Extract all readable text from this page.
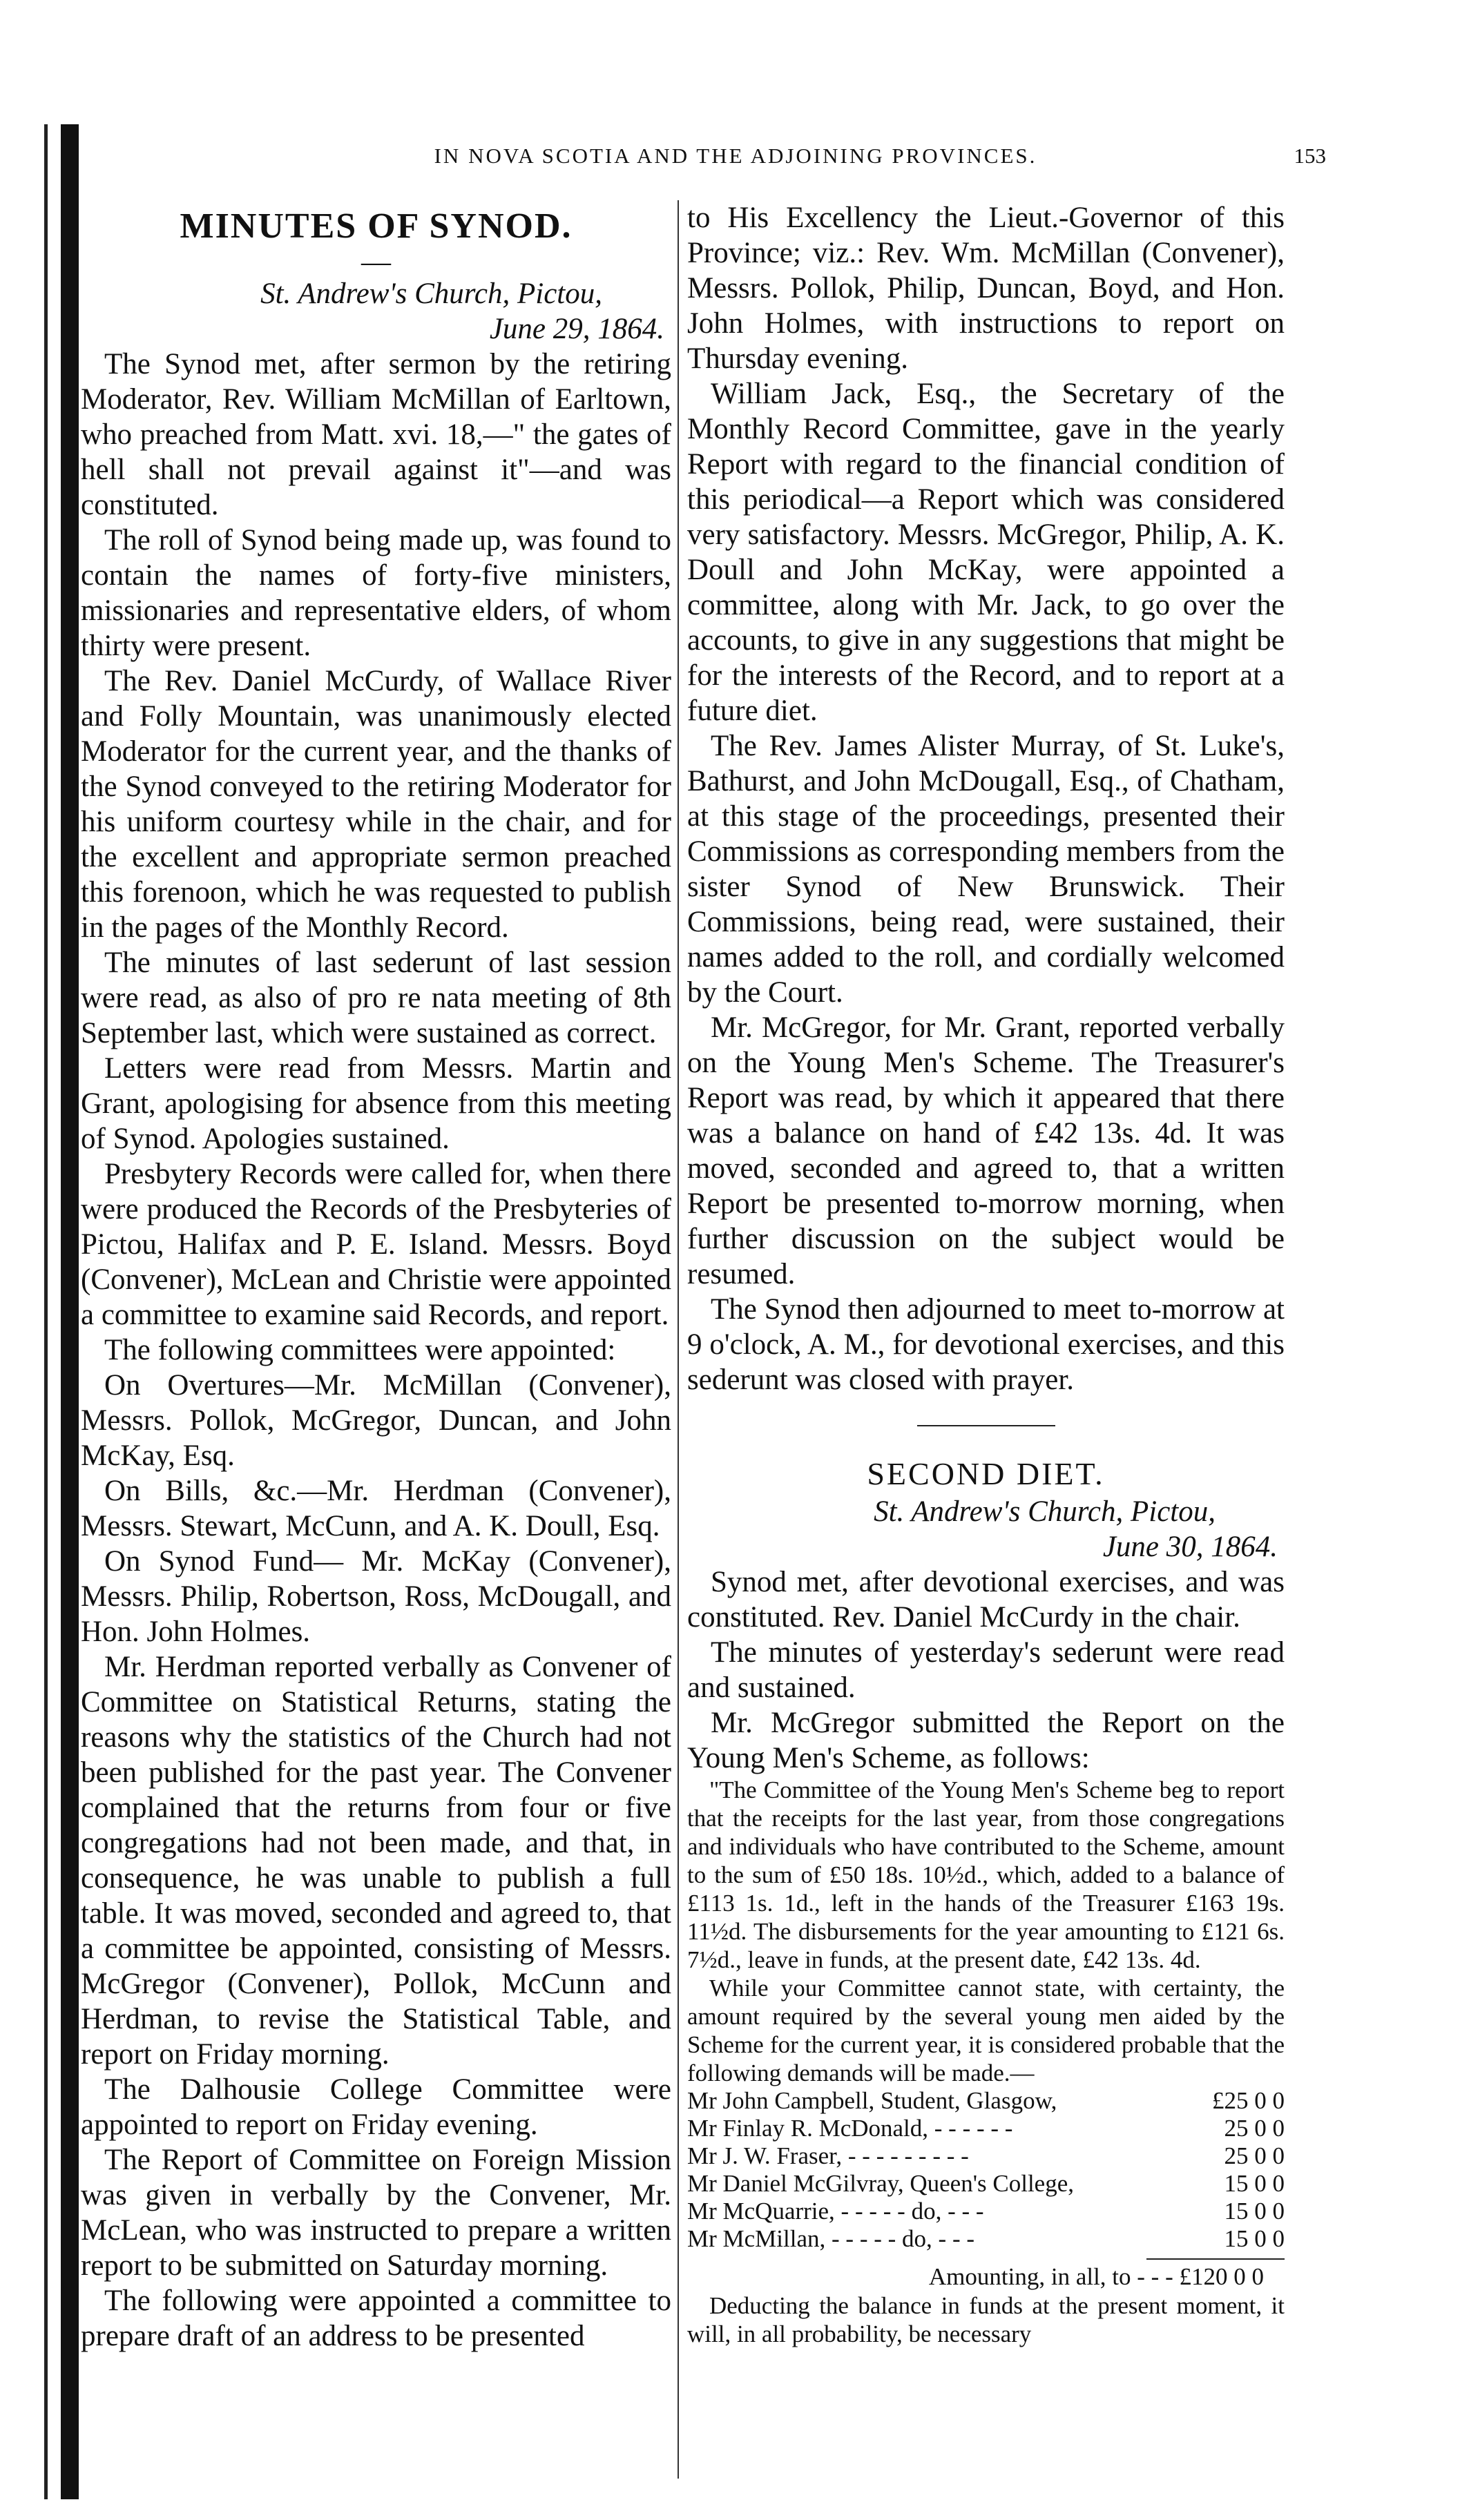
IN NOVA SCOTIA AND THE ADJOINING PROVINCES.	153
MINUTES OF SYNOD.
—
St. Andrew's Church, Pictou,
June 29, 1864.

The Synod met, after sermon by the retiring Moderator, Rev. William McMillan of Earltown, who preached from Matt. xvi. 18,—" the gates of hell shall not prevail against it"—and was constituted.

The roll of Synod being made up, was found to contain the names of forty-five ministers, missionaries and representative elders, of whom thirty were present.

The Rev. Daniel McCurdy, of Wallace River and Folly Mountain, was unanimously elected Moderator for the current year, and the thanks of the Synod conveyed to the retiring Moderator for his uniform courtesy while in the chair, and for the excellent and appropriate sermon preached this forenoon, which he was requested to publish in the pages of the Monthly Record.

The minutes of last sederunt of last session were read, as also of pro re nata meeting of 8th September last, which were sustained as correct.

Letters were read from Messrs. Martin and Grant, apologising for absence from this meeting of Synod. Apologies sustained.

Presbytery Records were called for, when there were produced the Records of the Presbyteries of Pictou, Halifax and P. E. Island. Messrs. Boyd (Convener), McLean and Christie were appointed a committee to examine said Records, and report.

The following committees were appointed:

On Overtures—Mr. McMillan (Convener), Messrs. Pollok, McGregor, Duncan, and John McKay, Esq.

On Bills, &c.—Mr. Herdman (Convener), Messrs. Stewart, McCunn, and A. K. Doull, Esq.

On Synod Fund— Mr. McKay (Convener), Messrs. Philip, Robertson, Ross, McDougall, and Hon. John Holmes.

Mr. Herdman reported verbally as Convener of Committee on Statistical Returns, stating the reasons why the statistics of the Church had not been published for the past year. The Convener complained that the returns from four or five congregations had not been made, and that, in consequence, he was unable to publish a full table. It was moved, seconded and agreed to, that a committee be appointed, consisting of Messrs. McGregor (Convener), Pollok, McCunn and Herdman, to revise the Statistical Table, and report on Friday morning.

The Dalhousie College Committee were appointed to report on Friday evening.

The Report of Committee on Foreign Mission was given in verbally by the Convener, Mr. McLean, who was instructed to prepare a written report to be submitted on Saturday morning.

The following were appointed a committee to prepare draft of an address to be presented

to His Excellency the Lieut.-Governor of this Province; viz.: Rev. Wm. McMillan (Convener), Messrs. Pollok, Philip, Duncan, Boyd, and Hon. John Holmes, with instructions to report on Thursday evening.

William Jack, Esq., the Secretary of the Monthly Record Committee, gave in the yearly Report with regard to the financial condition of this periodical—a Report which was considered very satisfactory. Messrs. McGregor, Philip, A. K. Doull and John McKay, were appointed a committee, along with Mr. Jack, to go over the accounts, to give in any suggestions that might be for the interests of the Record, and to report at a future diet.

The Rev. James Alister Murray, of St. Luke's, Bathurst, and John McDougall, Esq., of Chatham, at this stage of the proceedings, presented their Commissions as corresponding members from the sister Synod of New Brunswick. Their Commissions, being read, were sustained, their names added to the roll, and cordially welcomed by the Court.

Mr. McGregor, for Mr. Grant, reported verbally on the Young Men's Scheme. The Treasurer's Report was read, by which it appeared that there was a balance on hand of £42 13s. 4d. It was moved, seconded and agreed to, that a written Report be presented to-morrow morning, when further discussion on the subject would be resumed.

The Synod then adjourned to meet to-morrow at 9 o'clock, A. M., for devotional exercises, and this sederunt was closed with prayer.

SECOND DIET.
St. Andrew's Church, Pictou,
June 30, 1864.

Synod met, after devotional exercises, and was constituted. Rev. Daniel McCurdy in the chair.

The minutes of yesterday's sederunt were read and sustained.

Mr. McGregor submitted the Report on the Young Men's Scheme, as follows:

"The Committee of the Young Men's Scheme beg to report that the receipts for the last year, from those congregations and individuals who have contributed to the Scheme, amount to the sum of £50 18s. 10½d., which, added to a balance of £113 1s. 1d., left in the hands of the Treasurer £163 19s. 11½d. The disbursements for the year amounting to £121 6s. 7½d., leave in funds, at the present date, £42 13s. 4d.

While your Committee cannot state, with certainty, the amount required by the several young men aided by the Scheme for the current year, it is considered probable that the following demands will be made.—

Mr John Campbell, Student, Glasgow,	£25 0 0
Mr Finlay R. McDonald, - - - - - -	25 0 0
Mr J. W. Fraser, - - - - - - - - -	25 0 0
Mr Daniel McGilvray, Queen's College,	15 0 0
Mr McQuarrie, - - - - - do, - - -	15 0 0
Mr McMillan, - - - - - do, - - -	15 0 0
Amounting, in all, to - - - £120 0 0

Deducting the balance in funds at the present moment, it will, in all probability, be necessary
